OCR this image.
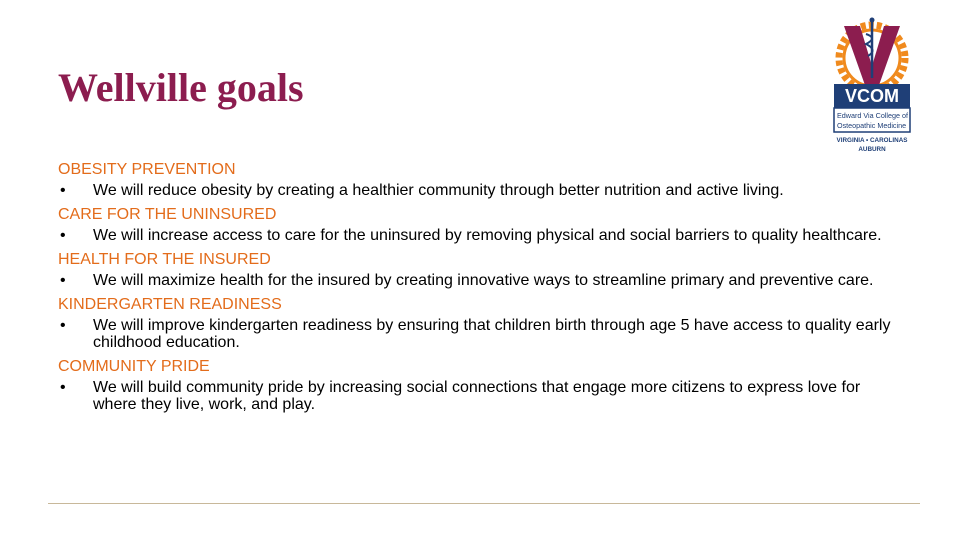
Wellville goals	VCOM
Edward Via College of
Osteopathic Medicine
VIRGINIA • CAROLINAS
AUBURN
OBESITY PREVENTION
•	We will reduce obesity by creating a healthier community through better nutrition and active living.
CARE FOR THE UNINSURED
•	We will increase access to care for the uninsured by removing physical and social barriers to quality healthcare.
HEALTH FOR THE INSURED
•	We will maximize health for the insured by creating innovative ways to streamline primary and preventive care.
KINDERGARTEN READINESS
•	We will improve kindergarten readiness by ensuring that children birth through age 5 have access to quality early childhood education.
COMMUNITY PRIDE
•	We will build community pride by increasing social connections that engage more citizens to express love for where they live, work, and play.
